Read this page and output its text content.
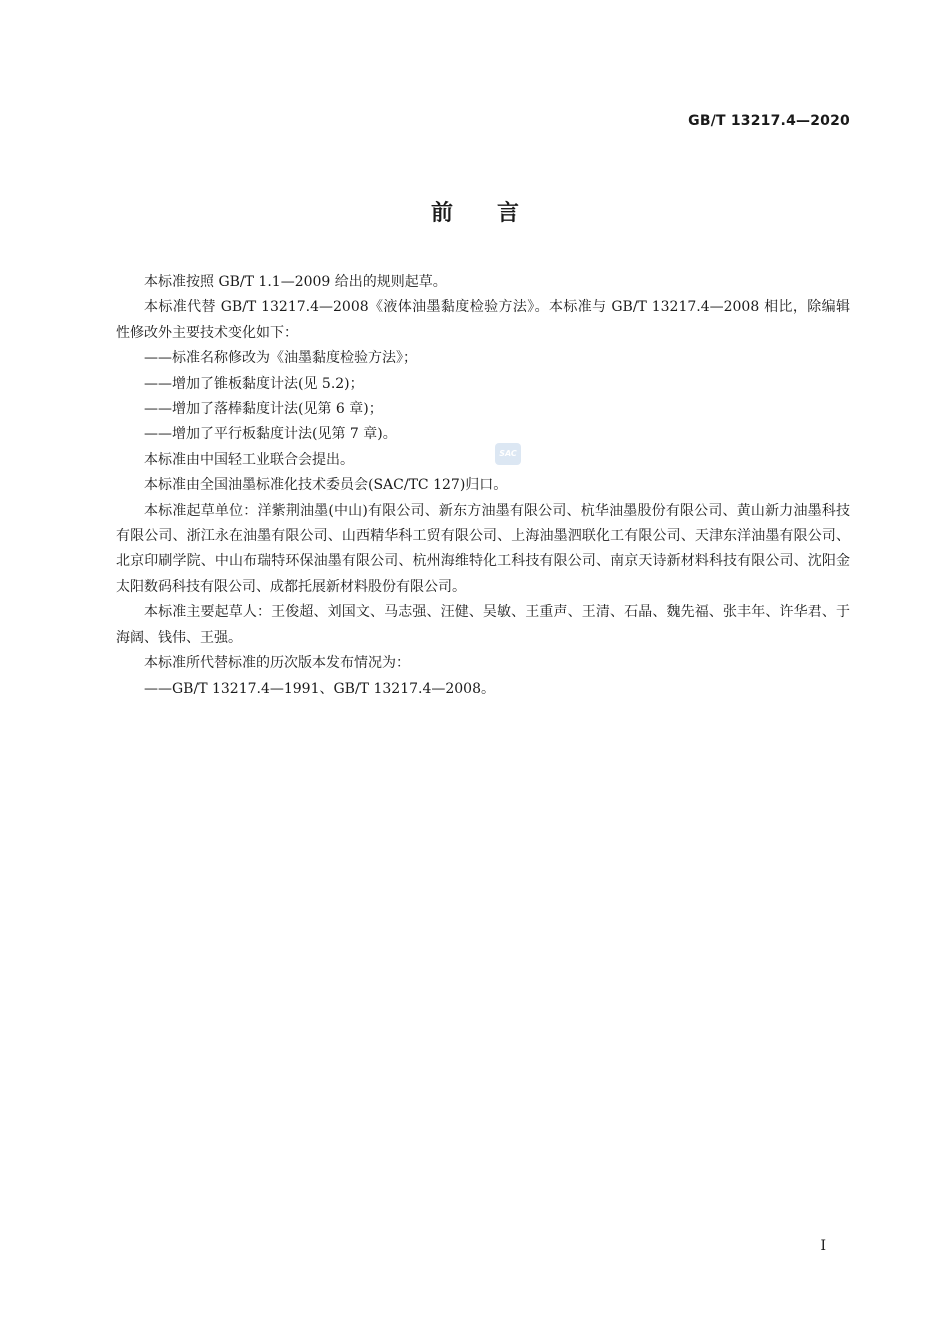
GB/T 13217.4—2020
前言

本标准按照 GB/T 1.1—2009 给出的规则起草。

本标准代替 GB/T 13217.4—2008《液体油墨黏度检验方法》。本标准与 GB/T 13217.4—2008 相比，除编辑性修改外主要技术变化如下：

——标准名称修改为《油墨黏度检验方法》；

——增加了锥板黏度计法(见 5.2)；

——增加了落棒黏度计法(见第 6 章)；

——增加了平行板黏度计法(见第 7 章)。

本标准由中国轻工业联合会提出。

本标准由全国油墨标准化技术委员会(SAC/TC 127)归口。

本标准起草单位：洋紫荆油墨(中山)有限公司、新东方油墨有限公司、杭华油墨股份有限公司、黄山新力油墨科技有限公司、浙江永在油墨有限公司、山西精华科工贸有限公司、上海油墨泗联化工有限公司、天津东洋油墨有限公司、北京印刷学院、中山布瑞特环保油墨有限公司、杭州海维特化工科技有限公司、南京天诗新材料科技有限公司、沈阳金太阳数码科技有限公司、成都托展新材料股份有限公司。

本标准主要起草人：王俊超、刘国文、马志强、汪健、吴敏、王重声、王清、石晶、魏先福、张丰年、许华君、于海阔、钱伟、王强。

本标准所代替标准的历次版本发布情况为：

——GB/T 13217.4—1991、GB/T 13217.4—2008。

SAC
I
